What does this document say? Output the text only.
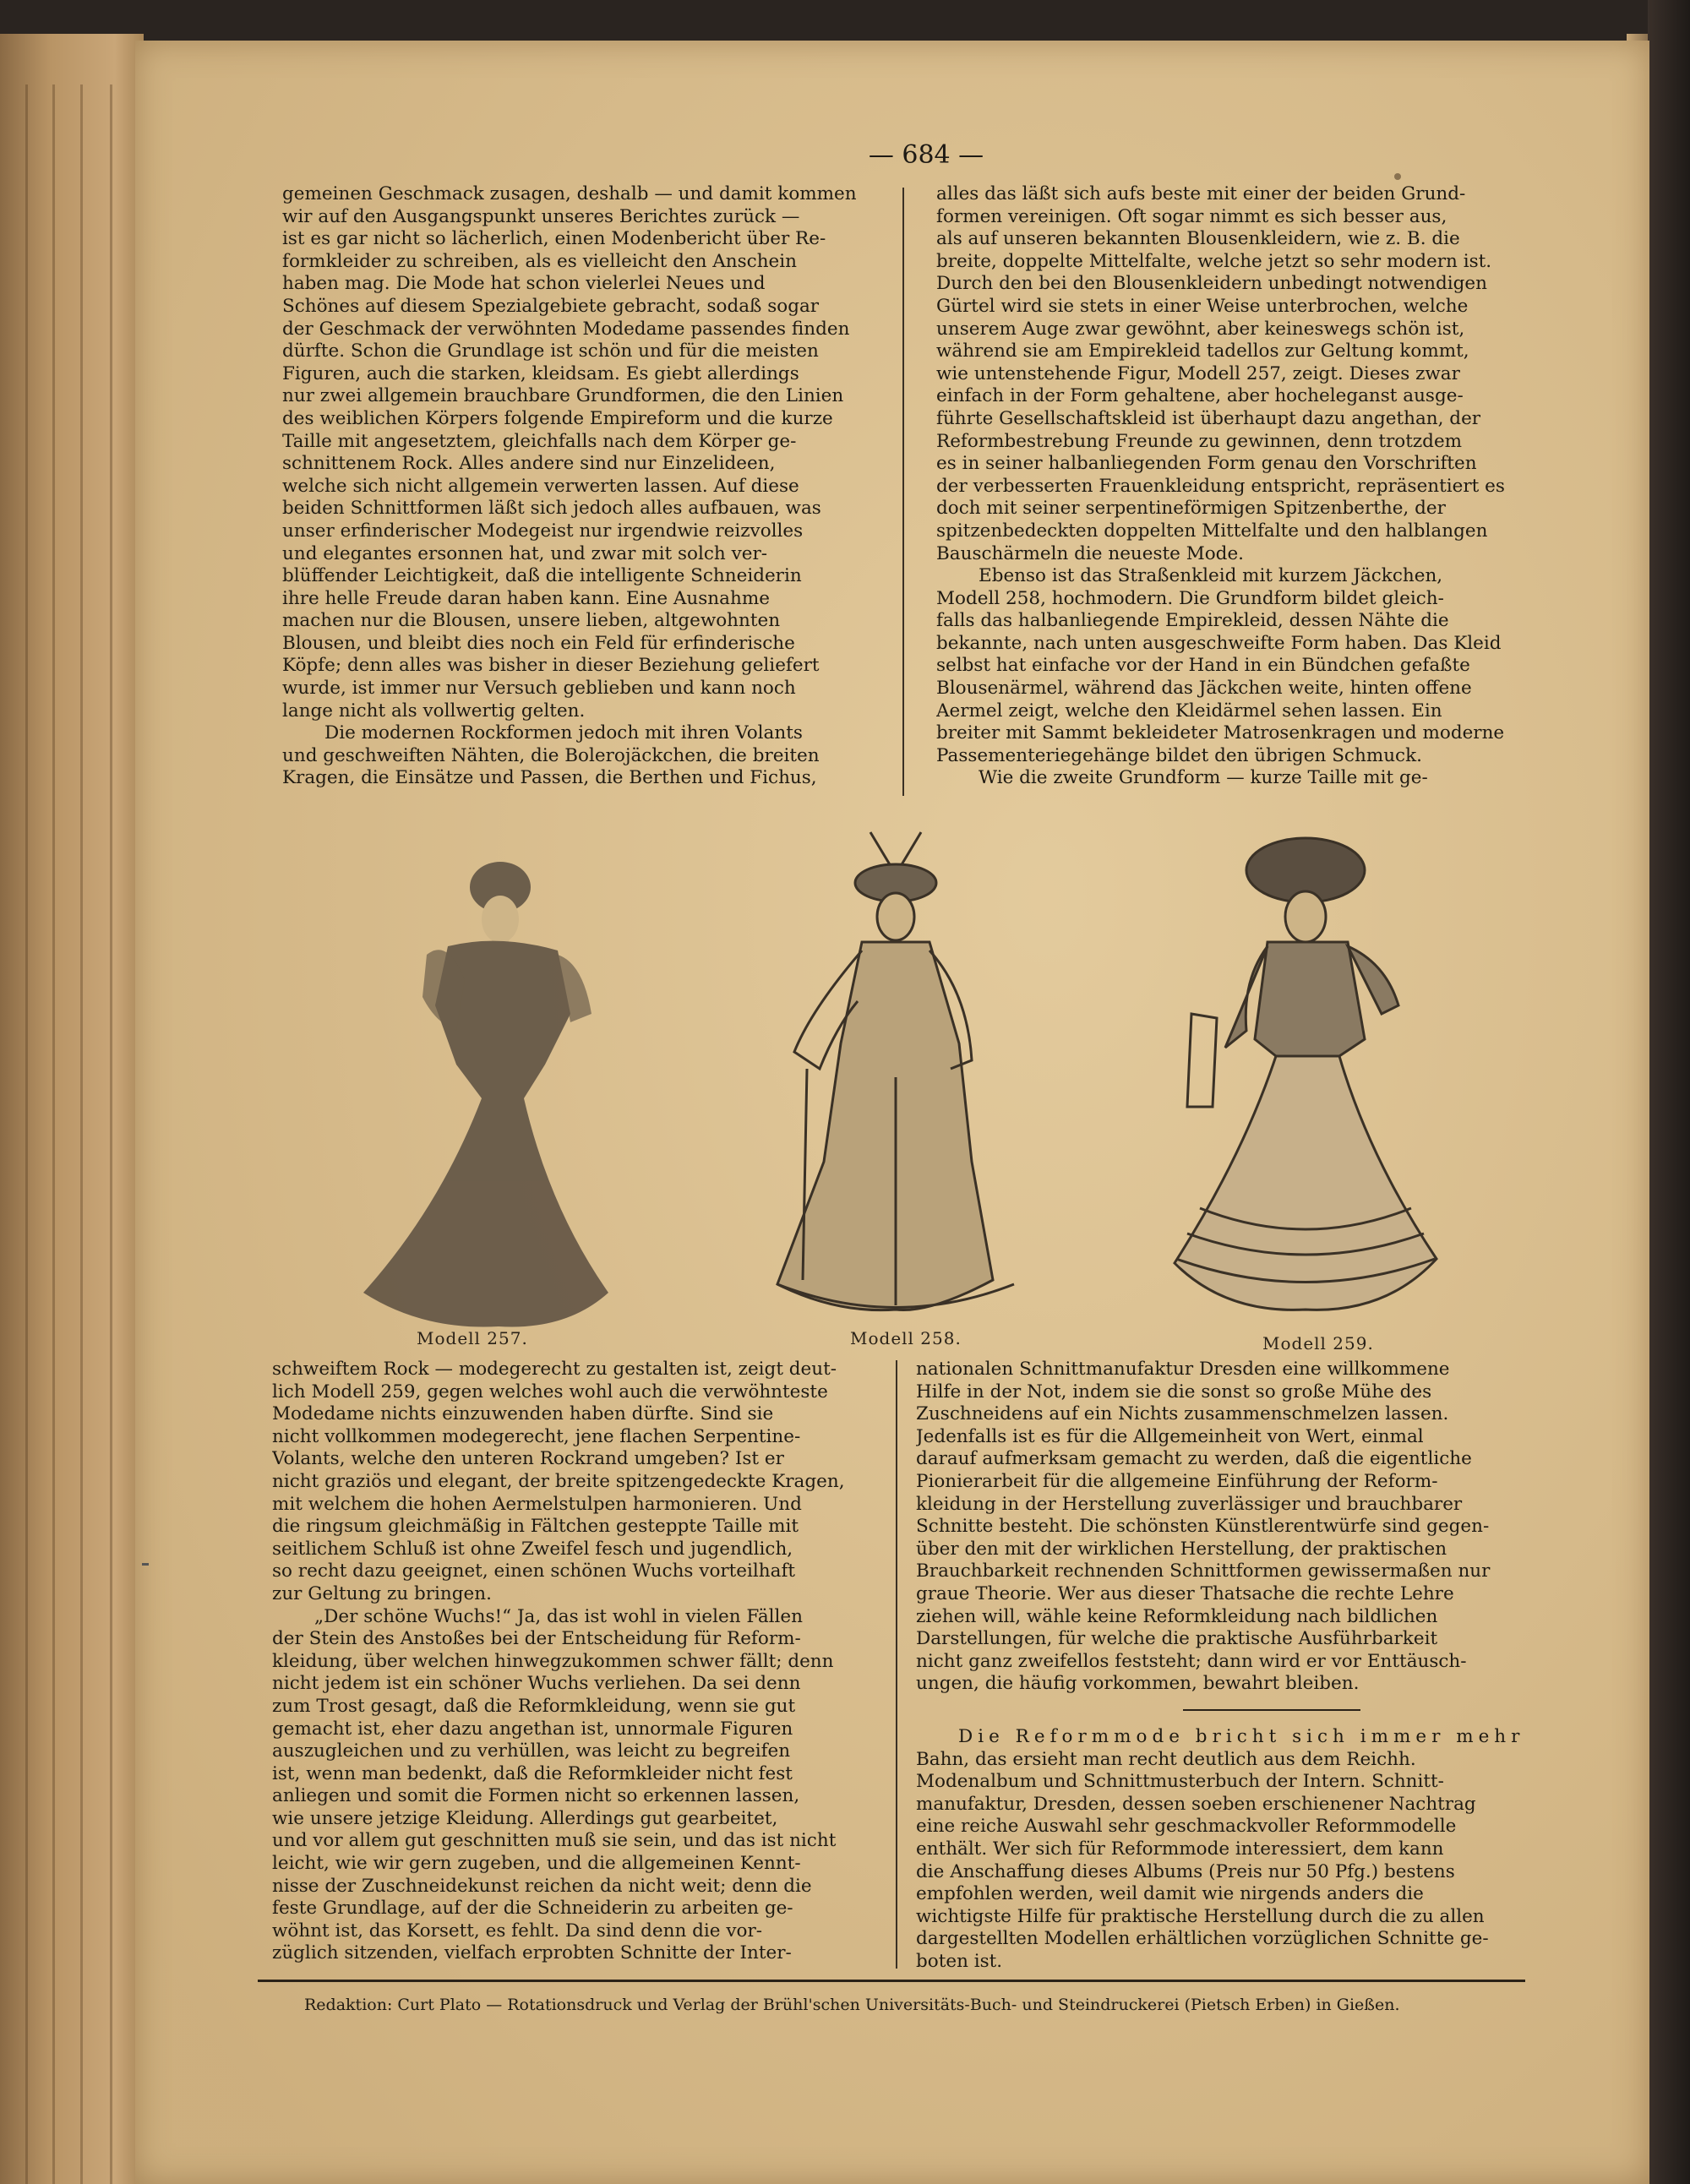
— 684 —
gemeinen Geschmack zusagen, deshalb — und damit kommen
wir auf den Ausgangspunkt unseres Berichtes zurück —
ist es gar nicht so lächerlich, einen Modenbericht über Re-
formkleider zu schreiben, als es vielleicht den Anschein
haben mag. Die Mode hat schon vielerlei Neues und
Schönes auf diesem Spezialgebiete gebracht, sodaß sogar
der Geschmack der verwöhnten Modedame passendes finden
dürfte. Schon die Grundlage ist schön und für die meisten
Figuren, auch die starken, kleidsam. Es giebt allerdings
nur zwei allgemein brauchbare Grundformen, die den Linien
des weiblichen Körpers folgende Empireform und die kurze
Taille mit angesetztem, gleichfalls nach dem Körper ge-
schnittenem Rock. Alles andere sind nur Einzelideen,
welche sich nicht allgemein verwerten lassen. Auf diese
beiden Schnittformen läßt sich jedoch alles aufbauen, was
unser erfinderischer Modegeist nur irgendwie reizvolles
und elegantes ersonnen hat, und zwar mit solch ver-
blüffender Leichtigkeit, daß die intelligente Schneiderin
ihre helle Freude daran haben kann. Eine Ausnahme
machen nur die Blousen, unsere lieben, altgewohnten
Blousen, und bleibt dies noch ein Feld für erfinderische
Köpfe; denn alles was bisher in dieser Beziehung geliefert
wurde, ist immer nur Versuch geblieben und kann noch
lange nicht als vollwertig gelten.
Die modernen Rockformen jedoch mit ihren Volants
und geschweiften Nähten, die Bolerojäckchen, die breiten
Kragen, die Einsätze und Passen, die Berthen und Fichus,
alles das läßt sich aufs beste mit einer der beiden Grund-
formen vereinigen. Oft sogar nimmt es sich besser aus,
als auf unseren bekannten Blousenkleidern, wie z. B. die
breite, doppelte Mittelfalte, welche jetzt so sehr modern ist.
Durch den bei den Blousenkleidern unbedingt notwendigen
Gürtel wird sie stets in einer Weise unterbrochen, welche
unserem Auge zwar gewöhnt, aber keineswegs schön ist,
während sie am Empirekleid tadellos zur Geltung kommt,
wie untenstehende Figur, Modell 257, zeigt. Dieses zwar
einfach in der Form gehaltene, aber hocheleganst ausge-
führte Gesellschaftskleid ist überhaupt dazu angethan, der
Reformbestrebung Freunde zu gewinnen, denn trotzdem
es in seiner halbanliegenden Form genau den Vorschriften
der verbesserten Frauenkleidung entspricht, repräsentiert es
doch mit seiner serpentineförmigen Spitzenberthe, der
spitzenbedeckten doppelten Mittelfalte und den halblangen
Bauschärmeln die neueste Mode.
Ebenso ist das Straßenkleid mit kurzem Jäckchen,
Modell 258, hochmodern. Die Grundform bildet gleich-
falls das halbanliegende Empirekleid, dessen Nähte die
bekannte, nach unten ausgeschweifte Form haben. Das Kleid
selbst hat einfache vor der Hand in ein Bündchen gefaßte
Blousenärmel, während das Jäckchen weite, hinten offene
Aermel zeigt, welche den Kleidärmel sehen lassen. Ein
breiter mit Sammt bekleideter Matrosenkragen und moderne
Passementeriegehänge bildet den übrigen Schmuck.
Wie die zweite Grundform — kurze Taille mit ge-
Modell 257.	Modell 258.	Modell 259.
schweiftem Rock — modegerecht zu gestalten ist, zeigt deut-
lich Modell 259, gegen welches wohl auch die verwöhnteste
Modedame nichts einzuwenden haben dürfte. Sind sie
nicht vollkommen modegerecht, jene flachen Serpentine-
Volants, welche den unteren Rockrand umgeben? Ist er
nicht graziös und elegant, der breite spitzengedeckte Kragen,
mit welchem die hohen Aermelstulpen harmonieren. Und
die ringsum gleichmäßig in Fältchen gesteppte Taille mit
seitlichem Schluß ist ohne Zweifel fesch und jugendlich,
so recht dazu geeignet, einen schönen Wuchs vorteilhaft
zur Geltung zu bringen.
„Der schöne Wuchs!“ Ja, das ist wohl in vielen Fällen
der Stein des Anstoßes bei der Entscheidung für Reform-
kleidung, über welchen hinwegzukommen schwer fällt; denn
nicht jedem ist ein schöner Wuchs verliehen. Da sei denn
zum Trost gesagt, daß die Reformkleidung, wenn sie gut
gemacht ist, eher dazu angethan ist, unnormale Figuren
auszugleichen und zu verhüllen, was leicht zu begreifen
ist, wenn man bedenkt, daß die Reformkleider nicht fest
anliegen und somit die Formen nicht so erkennen lassen,
wie unsere jetzige Kleidung. Allerdings gut gearbeitet,
und vor allem gut geschnitten muß sie sein, und das ist nicht
leicht, wie wir gern zugeben, und die allgemeinen Kennt-
nisse der Zuschneidekunst reichen da nicht weit; denn die
feste Grundlage, auf der die Schneiderin zu arbeiten ge-
wöhnt ist, das Korsett, es fehlt. Da sind denn die vor-
züglich sitzenden, vielfach erprobten Schnitte der Inter-
nationalen Schnittmanufaktur Dresden eine willkommene
Hilfe in der Not, indem sie die sonst so große Mühe des
Zuschneidens auf ein Nichts zusammenschmelzen lassen.
Jedenfalls ist es für die Allgemeinheit von Wert, einmal
darauf aufmerksam gemacht zu werden, daß die eigentliche
Pionierarbeit für die allgemeine Einführung der Reform-
kleidung in der Herstellung zuverlässiger und brauchbarer
Schnitte besteht. Die schönsten Künstlerentwürfe sind gegen-
über den mit der wirklichen Herstellung, der praktischen
Brauchbarkeit rechnenden Schnittformen gewissermaßen nur
graue Theorie. Wer aus dieser Thatsache die rechte Lehre
ziehen will, wähle keine Reformkleidung nach bildlichen
Darstellungen, für welche die praktische Ausführbarkeit
nicht ganz zweifellos feststeht; dann wird er vor Enttäusch-
ungen, die häufig vorkommen, bewahrt bleiben.
Die Reformmode bricht sich immer mehr
Bahn, das ersieht man recht deutlich aus dem Reichh.
Modenalbum und Schnittmusterbuch der Intern. Schnitt-
manufaktur, Dresden, dessen soeben erschienener Nachtrag
eine reiche Auswahl sehr geschmackvoller Reformmodelle
enthält. Wer sich für Reformmode interessiert, dem kann
die Anschaffung dieses Albums (Preis nur 50 Pfg.) bestens
empfohlen werden, weil damit wie nirgends anders die
wichtigste Hilfe für praktische Herstellung durch die zu allen
dargestellten Modellen erhältlichen vorzüglichen Schnitte ge-
boten ist.
Redaktion: Curt Plato — Rotationsdruck und Verlag der Brühl'schen Universitäts-Buch- und Steindruckerei (Pietsch Erben) in Gießen.
